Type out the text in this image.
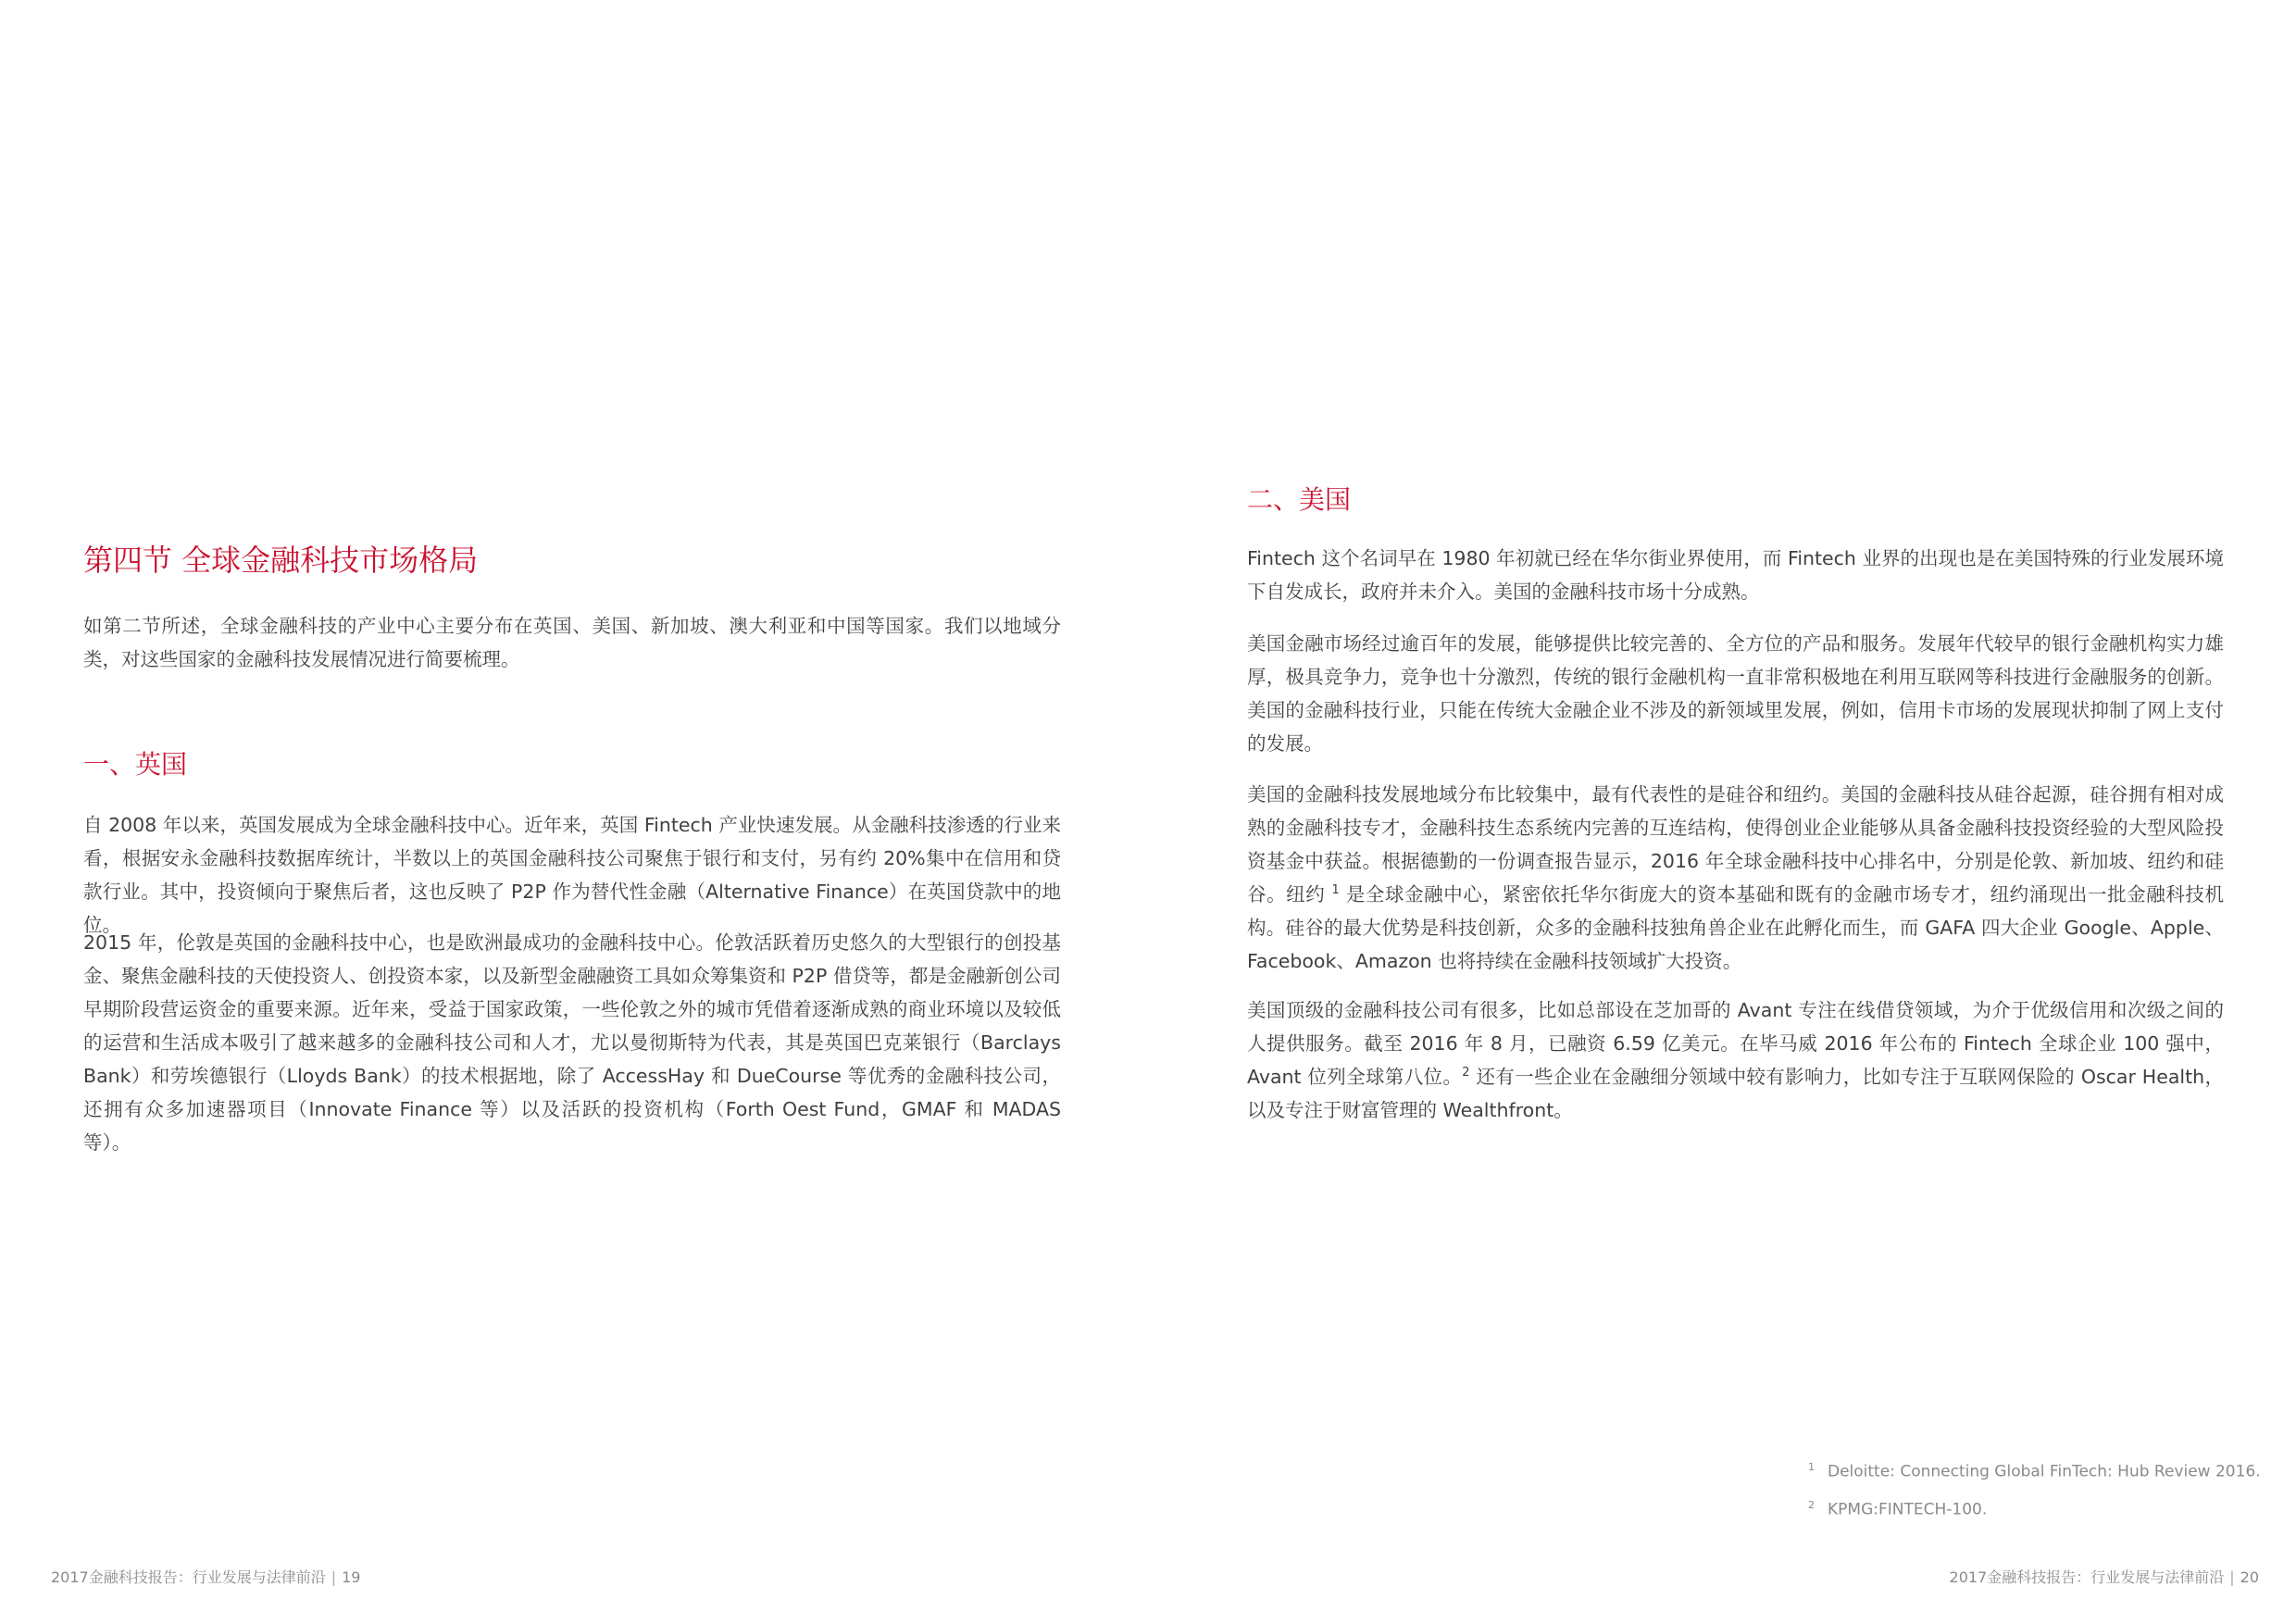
第四节 全球金融科技市场格局

如第二节所述，全球金融科技的产业中心主要分布在英国、美国、新加坡、澳大利亚和中国等国家。我们以地域分类，对这些国家的金融科技发展情况进行简要梳理。

一、英国

自 2008 年以来，英国发展成为全球金融科技中心。近年来，英国 Fintech 产业快速发展。从金融科技渗透的行业来看，根据安永金融科技数据库统计，半数以上的英国金融科技公司聚焦于银行和支付，另有约 20%集中在信用和贷款行业。其中，投资倾向于聚焦后者，这也反映了 P2P 作为替代性金融（Alternative Finance）在英国贷款中的地位。

2015 年，伦敦是英国的金融科技中心，也是欧洲最成功的金融科技中心。伦敦活跃着历史悠久的大型银行的创投基金、聚焦金融科技的天使投资人、创投资本家，以及新型金融融资工具如众筹集资和 P2P 借贷等，都是金融新创公司早期阶段营运资金的重要来源。近年来，受益于国家政策，一些伦敦之外的城市凭借着逐渐成熟的商业环境以及较低的运营和生活成本吸引了越来越多的金融科技公司和人才，尤以曼彻斯特为代表，其是英国巴克莱银行（Barclays Bank）和劳埃德银行（Lloyds Bank）的技术根据地，除了 AccessHay 和 DueCourse 等优秀的金融科技公司，还拥有众多加速器项目（Innovate Finance 等）以及活跃的投资机构（Forth Oest Fund，GMAF 和 MADAS 等）。

2017金融科技报告：行业发展与法律前沿 | 19
二、美国

Fintech 这个名词早在 1980 年初就已经在华尔街业界使用，而 Fintech 业界的出现也是在美国特殊的行业发展环境下自发成长，政府并未介入。美国的金融科技市场十分成熟。

美国金融市场经过逾百年的发展，能够提供比较完善的、全方位的产品和服务。发展年代较早的银行金融机构实力雄厚，极具竞争力，竞争也十分激烈，传统的银行金融机构一直非常积极地在利用互联网等科技进行金融服务的创新。美国的金融科技行业，只能在传统大金融企业不涉及的新领域里发展，例如，信用卡市场的发展现状抑制了网上支付的发展。

美国的金融科技发展地域分布比较集中，最有代表性的是硅谷和纽约。美国的金融科技从硅谷起源，硅谷拥有相对成熟的金融科技专才，金融科技生态系统内完善的互连结构，使得创业企业能够从具备金融科技投资经验的大型风险投资基金中获益。根据德勤的一份调查报告显示，2016 年全球金融科技中心排名中，分别是伦敦、新加坡、纽约和硅谷。纽约 $^1$ 是全球金融中心，紧密依托华尔街庞大的资本基础和既有的金融市场专才，纽约涌现出一批金融科技机构。硅谷的最大优势是科技创新，众多的金融科技独角兽企业在此孵化而生，而 GAFA 四大企业 Google、Apple、Facebook、Amazon 也将持续在金融科技领域扩大投资。

美国顶级的金融科技公司有很多，比如总部设在芝加哥的 Avant 专注在线借贷领域，为介于优级信用和次级之间的人提供服务。截至 2016 年 8 月，已融资 6.59 亿美元。在毕马威 2016 年公布的 Fintech 全球企业 100 强中，Avant 位列全球第八位。$^2$ 还有一些企业在金融细分领域中较有影响力，比如专注于互联网保险的 Oscar Health，以及专注于财富管理的 Wealthfront。

2017金融科技报告：行业发展与法律前沿 | 20
$^1$ Deloitte: Connecting Global FinTech: Hub Review 2016.
$^2$ KPMG:FINTECH-100.
